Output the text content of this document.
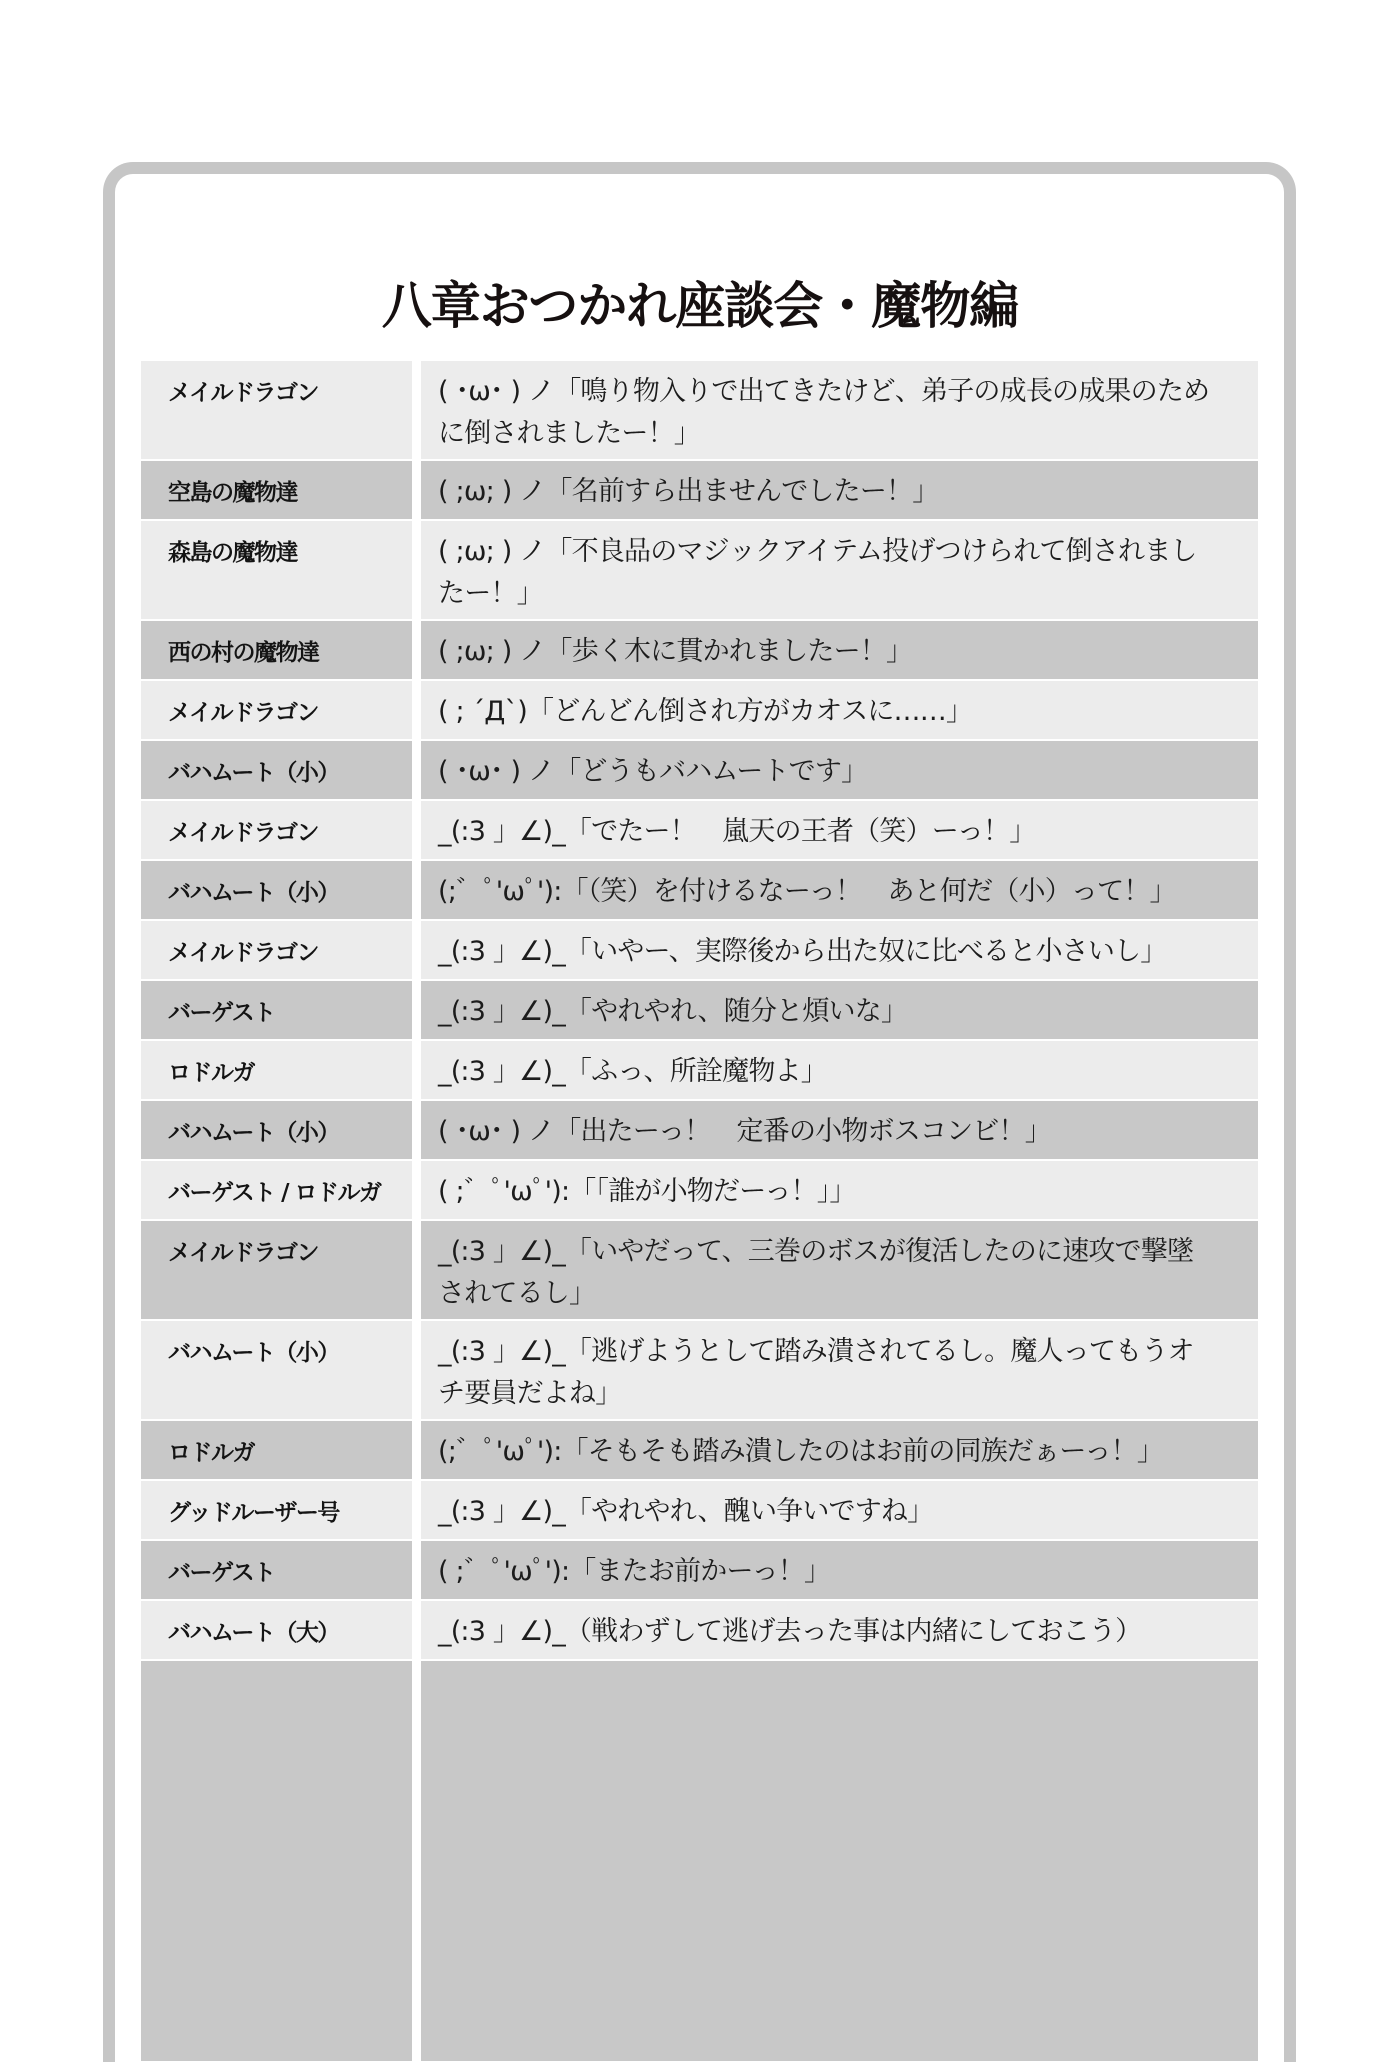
八章おつかれ座談会・魔物編
メイルドラゴン	( ･ω･ ) ノ「鳴り物入りで出てきたけど、弟子の成長の成果のために倒されましたー！」
空島の魔物達	( ;ω; ) ノ「名前すら出ませんでしたー！」
森島の魔物達	( ;ω; ) ノ「不良品のマジックアイテム投げつけられて倒されましたー！」
西の村の魔物達	( ;ω; ) ノ「歩く木に貫かれましたー！」
メイルドラゴン	( ; ´Д`)「どんどん倒され方がカオスに……」
バハムート（小）	( ･ω･ ) ノ「どうもバハムートです」
メイルドラゴン	_(:3 」∠)_「でたー！　嵐天の王者（笑）ーっ！」
バハムート（小）	(;゛ﾟ'ωﾟ'):「（笑）を付けるなーっ！　あと何だ（小）って！」
メイルドラゴン	_(:3 」∠)_「いやー、実際後から出た奴に比べると小さいし」
バーゲスト	_(:3 」∠)_「やれやれ、随分と煩いな」
ロドルガ	_(:3 」∠)_「ふっ、所詮魔物よ」
バハムート（小）	( ･ω･ ) ノ「出たーっ！　定番の小物ボスコンビ！」
バーゲスト / ロドルガ	( ;゛ﾟ'ωﾟ'):「「誰が小物だーっ！」」
メイルドラゴン	_(:3 」∠)_「いやだって、三巻のボスが復活したのに速攻で撃墜されてるし」
バハムート（小）	_(:3 」∠)_「逃げようとして踏み潰されてるし。魔人ってもうオチ要員だよね」
ロドルガ	(;゛ﾟ'ωﾟ'):「そもそも踏み潰したのはお前の同族だぁーっ！」
グッドルーザー号	_(:3 」∠)_「やれやれ、醜い争いですね」
バーゲスト	( ;゛ﾟ'ωﾟ'):「またお前かーっ！」
バハムート（大）	_(:3 」∠)_（戦わずして逃げ去った事は内緒にしておこう）
